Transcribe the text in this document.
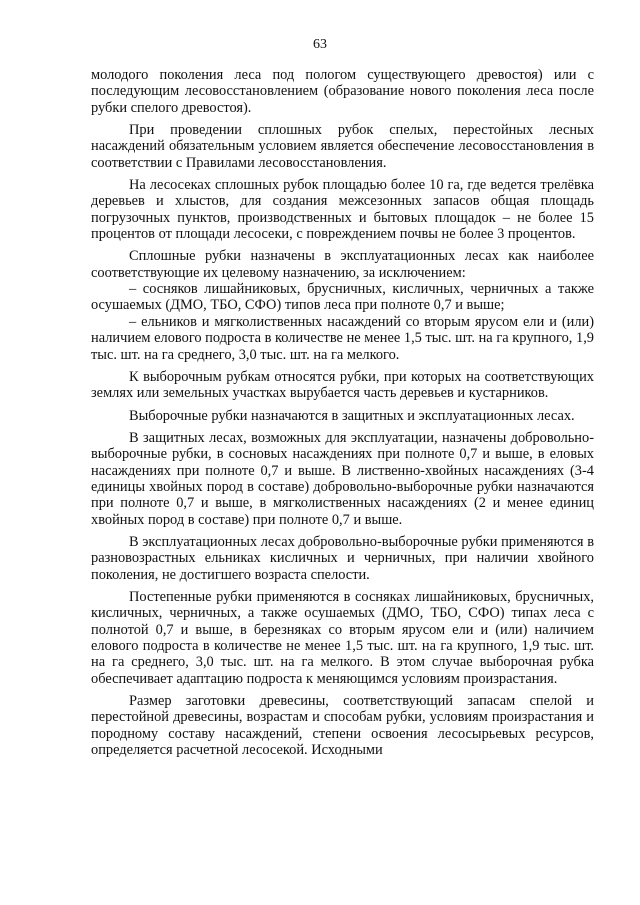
63

молодого поколения леса под пологом существующего древостоя) или с последующим лесовосстановлением (образование нового поколения леса после рубки спелого древостоя).

При проведении сплошных рубок спелых, перестойных лесных насаждений обязательным условием является обеспечение лесовосстановления в соответствии с Правилами лесовосстановления.

На лесосеках сплошных рубок площадью более 10 га, где ведется трелёвка деревьев и хлыстов, для создания межсезонных запасов общая площадь погрузочных пунктов, производственных и бытовых площадок – не более 15 процентов от площади лесосеки, с повреждением почвы не более 3 процентов.

Сплошные рубки назначены в эксплуатационных лесах как наиболее соответствующие их целевому назначению, за исключением:

– сосняков лишайниковых, брусничных, кисличных, черничных а также осушаемых (ДМО, ТБО, СФО) типов леса при полноте 0,7 и выше;

– ельников и мягколиственных насаждений со вторым ярусом ели и (или) наличием елового подроста в количестве не менее 1,5 тыс. шт. на га крупного, 1,9 тыс. шт. на га среднего, 3,0 тыс. шт. на га мелкого.

К выборочным рубкам относятся рубки, при которых на соответствующих землях или земельных участках вырубается часть деревьев и кустарников.

Выборочные рубки назначаются в защитных и эксплуатационных лесах.

В защитных лесах, возможных для эксплуатации, назначены добровольно-выборочные рубки, в сосновых насаждениях при полноте 0,7 и выше, в еловых насаждениях при полноте 0,7 и выше. В лиственно-хвойных насаждениях (3-4 единицы хвойных пород в составе) добровольно-выборочные рубки назначаются при полноте 0,7 и выше, в мягколиственных насаждениях (2 и менее единиц хвойных пород в составе) при полноте 0,7 и выше.

В эксплуатационных лесах добровольно-выборочные рубки применяются в разновозрастных ельниках кисличных и черничных, при наличии хвойного поколения, не достигшего возраста спелости.

Постепенные рубки применяются в сосняках лишайниковых, брусничных, кисличных, черничных, а также осушаемых (ДМО, ТБО, СФО) типах леса с полнотой 0,7 и выше, в березняках со вторым ярусом ели и (или) наличием елового подроста в количестве не менее 1,5 тыс. шт. на га крупного, 1,9 тыс. шт. на га среднего, 3,0 тыс. шт. на га мелкого. В этом случае выборочная рубка обеспечивает адаптацию подроста к меняющимся условиям произрастания.

Размер заготовки древесины, соответствующий запасам спелой и перестойной древесины, возрастам и способам рубки, условиям произрастания и породному составу насаждений, степени освоения лесосырьевых ресурсов, определяется расчетной лесосекой. Исходными
